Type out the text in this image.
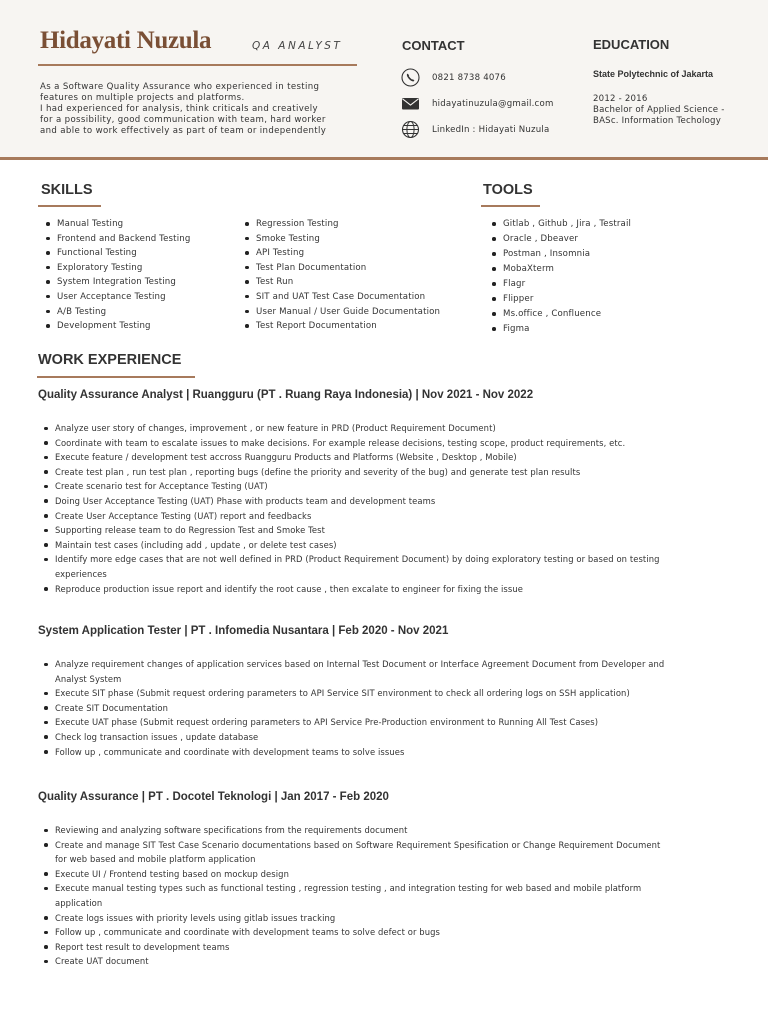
Hidayati Nuzula	QA ANALYST
As a Software Quality Assurance who experienced in testing
features on multiple projects and platforms.
I had experienced for analysis, think criticals and creatively
for a possibility, good communication with team, hard worker
and able to work effectively as part of team or independently
CONTACT
0821 8738 4076
hidayatinuzula@gmail.com
LinkedIn : Hidayati Nuzula
EDUCATION
State Polytechnic of Jakarta
2012 - 2016
Bachelor of Applied Science -
BASc. Information Techology
SKILLS
Manual Testing
Frontend and Backend Testing
Functional Testing
Exploratory Testing
System Integration Testing
User Acceptance Testing
A/B Testing
Development Testing
Regression Testing
Smoke Testing
API Testing
Test Plan Documentation
Test Run
SIT and UAT Test Case Documentation
User Manual / User Guide Documentation
Test Report Documentation
TOOLS
Gitlab , Github , Jira , Testrail
Oracle , Dbeaver
Postman , Insomnia
MobaXterm
Flagr
Flipper
Ms.office , Confluence
Figma
WORK EXPERIENCE
Quality Assurance Analyst | Ruangguru (PT . Ruang Raya Indonesia) | Nov 2021 - Nov 2022
Analyze user story of changes, improvement , or new feature in PRD (Product Requirement Document)
Coordinate with team to escalate issues to make decisions. For example release decisions, testing scope, product requirements, etc.
Execute feature / development test accross Ruangguru Products and Platforms (Website , Desktop , Mobile)
Create test plan , run test plan , reporting bugs (define the priority and severity of the bug) and generate test plan results
Create scenario test for Acceptance Testing (UAT)
Doing User Acceptance Testing (UAT) Phase with products team and development teams
Create User Acceptance Testing (UAT) report and feedbacks
Supporting release team to do Regression Test and Smoke Test
Maintain test cases (including add , update , or delete test cases)
Identify more edge cases that are not well defined in PRD (Product Requirement Document) by doing exploratory testing or based on testing
experiences
Reproduce production issue report and identify the root cause , then excalate to engineer for fixing the issue
System Application Tester | PT . Infomedia Nusantara | Feb 2020 - Nov 2021
Analyze requirement changes of application services based on Internal Test Document or Interface Agreement Document from Developer and
Analyst System
Execute SIT phase (Submit request ordering parameters to API Service SIT environment to check all ordering logs on SSH application)
Create SIT Documentation
Execute UAT phase (Submit request ordering parameters to API Service Pre-Production environment to Running All Test Cases)
Check log transaction issues , update database
Follow up , communicate and coordinate with development teams to solve issues
Quality Assurance | PT . Docotel Teknologi | Jan 2017 - Feb 2020
Reviewing and analyzing software specifications from the requirements document
Create and manage SIT Test Case Scenario documentations based on Software Requirement Spesification or Change Requirement Document
for web based and mobile platform application
Execute UI / Frontend testing based on mockup design
Execute manual testing types such as functional testing , regression testing , and integration testing for web based and mobile platform
application
Create logs issues with priority levels using gitlab issues tracking
Follow up , communicate and coordinate with development teams to solve defect or bugs
Report test result to development teams
Create UAT document
